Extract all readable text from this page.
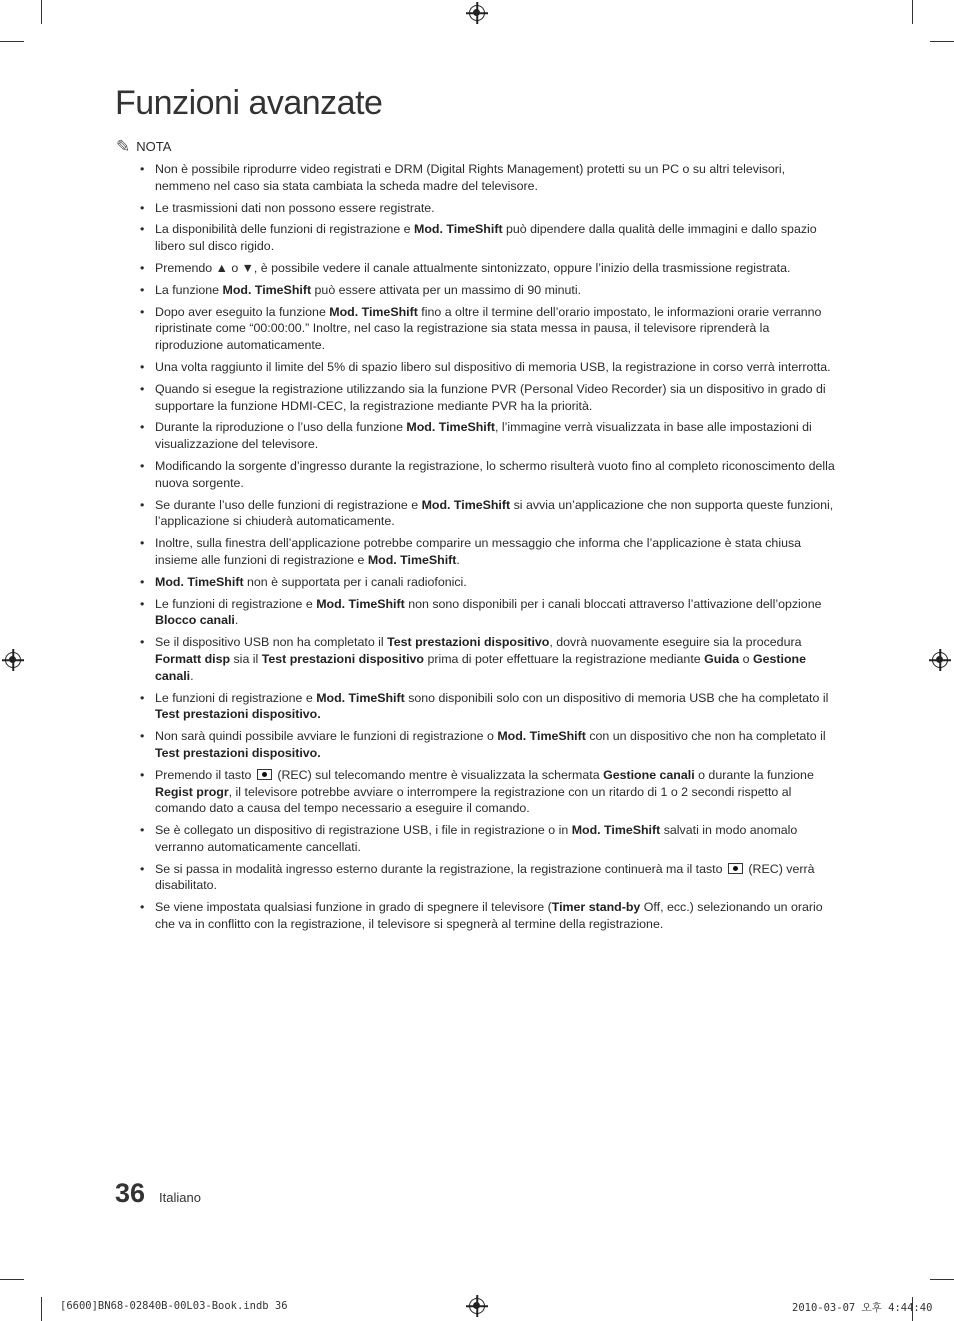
Funzioni avanzate
✎ NOTA
• Non è possibile riprodurre video registrati e DRM (Digital Rights Management) protetti su un PC o su altri televisori, nemmeno nel caso sia stata cambiata la scheda madre del televisore.
• Le trasmissioni dati non possono essere registrate.
• La disponibilità delle funzioni di registrazione e Mod. TimeShift può dipendere dalla qualità delle immagini e dallo spazio libero sul disco rigido.
• Premendo ▲ o ▼, è possibile vedere il canale attualmente sintonizzato, oppure l’inizio della trasmissione registrata.
• La funzione Mod. TimeShift può essere attivata per un massimo di 90 minuti.
• Dopo aver eseguito la funzione Mod. TimeShift fino a oltre il termine dell’orario impostato, le informazioni orarie verranno ripristinate come “00:00:00.” Inoltre, nel caso la registrazione sia stata messa in pausa, il televisore riprenderà la riproduzione automaticamente.
• Una volta raggiunto il limite del 5% di spazio libero sul dispositivo di memoria USB, la registrazione in corso verrà interrotta.
• Quando si esegue la registrazione utilizzando sia la funzione PVR (Personal Video Recorder) sia un dispositivo in grado di supportare la funzione HDMI-CEC, la registrazione mediante PVR ha la priorità.
• Durante la riproduzione o l’uso della funzione Mod. TimeShift, l’immagine verrà visualizzata in base alle impostazioni di visualizzazione del televisore.
• Modificando la sorgente d’ingresso durante la registrazione, lo schermo risulterà vuoto fino al completo riconoscimento della nuova sorgente.
• Se durante l’uso delle funzioni di registrazione e Mod. TimeShift si avvia un’applicazione che non supporta queste funzioni, l’applicazione si chiuderà automaticamente.
• Inoltre, sulla finestra dell’applicazione potrebbe comparire un messaggio che informa che l’applicazione è stata chiusa insieme alle funzioni di registrazione e Mod. TimeShift.
• Mod. TimeShift non è supportata per i canali radiofonici.
• Le funzioni di registrazione e Mod. TimeShift non sono disponibili per i canali bloccati attraverso l’attivazione dell’opzione Blocco canali.
• Se il dispositivo USB non ha completato il Test prestazioni dispositivo, dovrà nuovamente eseguire sia la procedura Formatt disp sia il Test prestazioni dispositivo prima di poter effettuare la registrazione mediante Guida o Gestione canali.
• Le funzioni di registrazione e Mod. TimeShift sono disponibili solo con un dispositivo di memoria USB che ha completato il Test prestazioni dispositivo.
• Non sarà quindi possibile avviare le funzioni di registrazione o Mod. TimeShift con un dispositivo che non ha completato il Test prestazioni dispositivo.
• Premendo il tasto  (REC) sul telecomando mentre è visualizzata la schermata Gestione canali o durante la funzione Regist progr, il televisore potrebbe avviare o interrompere la registrazione con un ritardo di 1 o 2 secondi rispetto al comando dato a causa del tempo necessario a eseguire il comando.
• Se è collegato un dispositivo di registrazione USB, i file in registrazione o in Mod. TimeShift salvati in modo anomalo verranno automaticamente cancellati.
• Se si passa in modalità ingresso esterno durante la registrazione, la registrazione continuerà ma il tasto  (REC) verrà disabilitato.
• Se viene impostata qualsiasi funzione in grado di spegnere il televisore (Timer stand-by Off, ecc.) selezionando un orario che va in conflitto con la registrazione, il televisore si spegnerà al termine della registrazione.
36 Italiano
[6600]BN68-02840B-00L03-Book.indb 36	2010-03-07 오후 4:44:40
